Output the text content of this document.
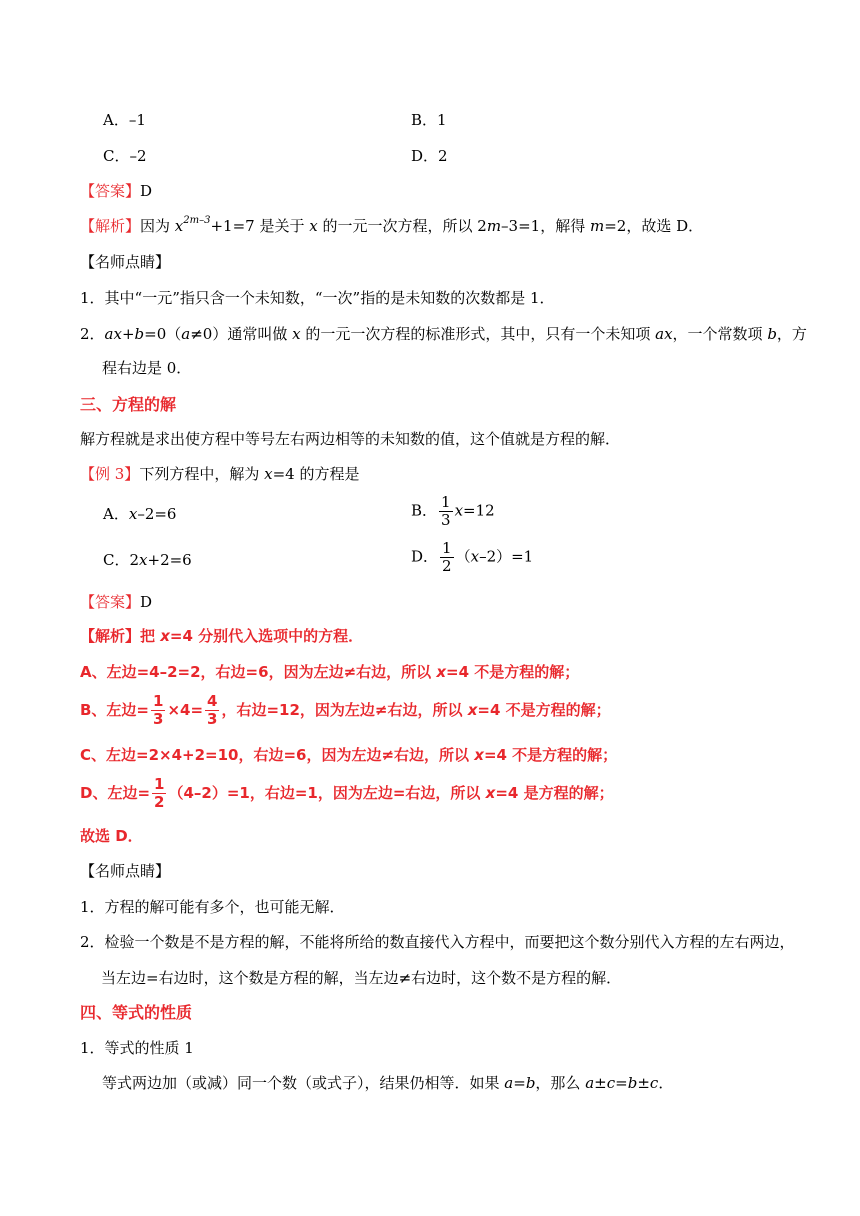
A．–1	B．1
C．–2	D．2
【答案】D
【解析】因为 $x^{2m-3}+1=7$ 是关于 x 的一元一次方程，所以 2m–3=1，解得 m=2，故选 D．
【名师点睛】
1．其中“一元”指只含一个未知数，“一次”指的是未知数的次数都是 1．
2．ax+b=0（a≠0）通常叫做 x 的一元一次方程的标准形式，其中，只有一个未知项 ax，一个常数项 b，方
程右边是 0．
三、方程的解
解方程就是求出使方程中等号左右两边相等的未知数的值，这个值就是方程的解．
【例 3】下列方程中，解为 x=4 的方程是
A．x–2=6	B． $\frac{1}{3} x=12$
C．2x+2=6	D． $\frac{1}{2} (x-2)=1$
【答案】D
【解析】把 x=4 分别代入选项中的方程．
A、左边=4–2=2，右边=6，因为左边≠右边，所以 x=4 不是方程的解；
B、左边= $\frac{1}{3} \times 4= \frac{4}{3}$ ，右边=12，因为左边≠右边，所以 x=4 不是方程的解；
C、左边=2×4+2=10，右边=6，因为左边≠右边，所以 x=4 不是方程的解；
D、左边= $\frac{1}{2} (4-2)=1$，右边=1，因为左边=右边，所以 x=4 是方程的解；
故选 D．
【名师点睛】
1．方程的解可能有多个，也可能无解．
2．检验一个数是不是方程的解，不能将所给的数直接代入方程中，而要把这个数分别代入方程的左右两边，
当左边=右边时，这个数是方程的解，当左边≠右边时，这个数不是方程的解．
四、等式的性质
1．等式的性质 1
等式两边加（或减）同一个数（或式子），结果仍相等．如果 a=b，那么 a±c=b±c．
